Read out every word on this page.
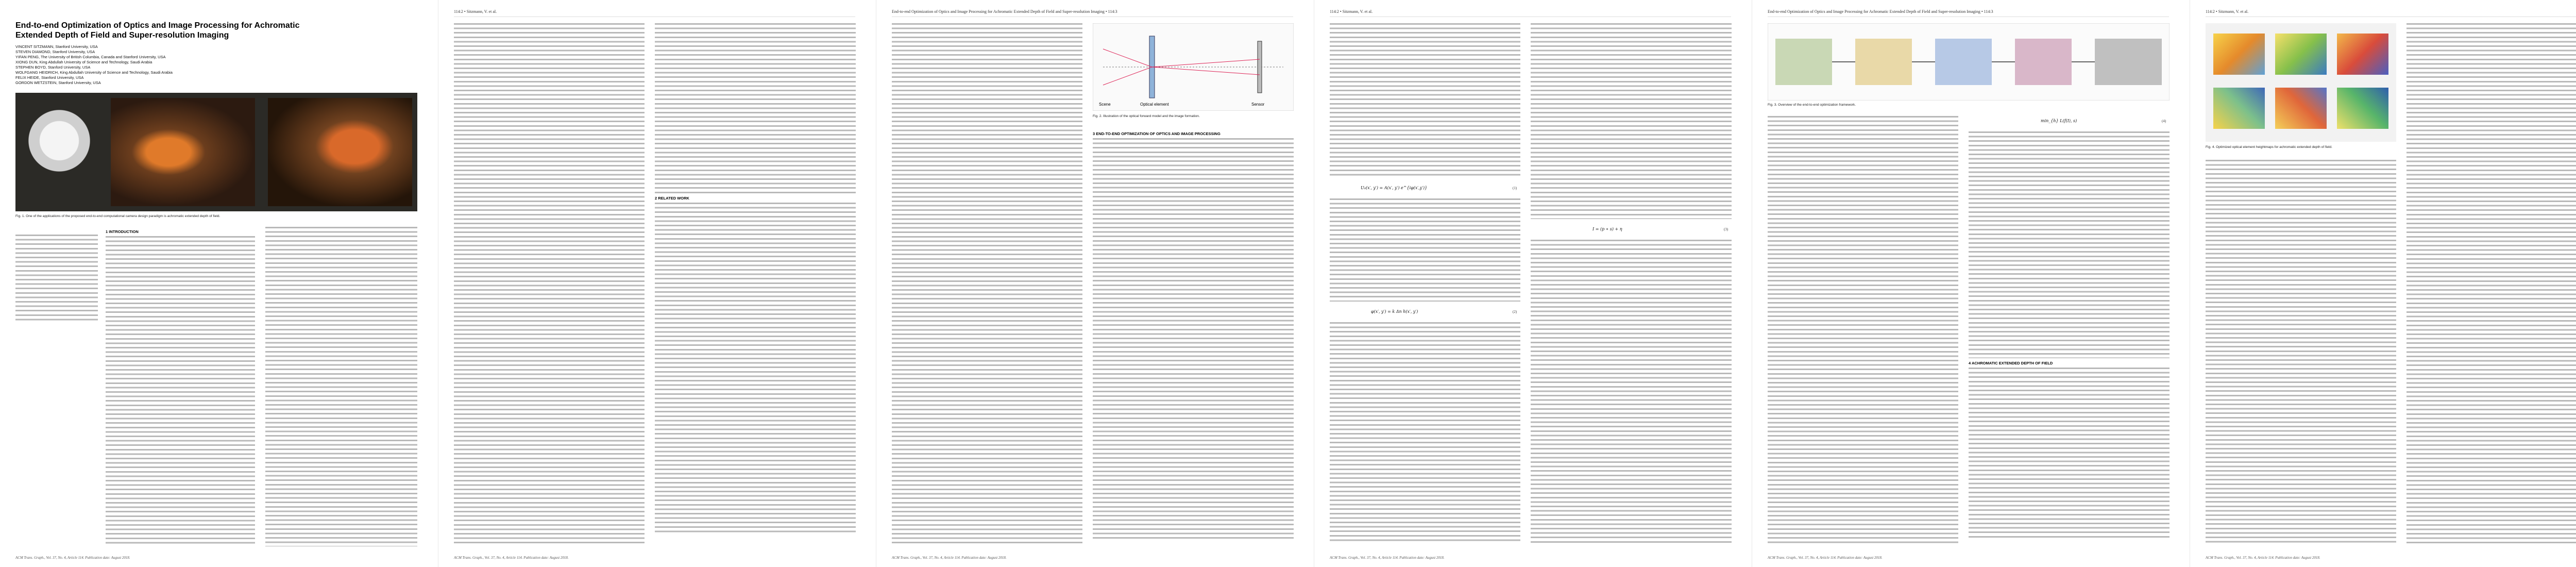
End-to-end Optimization of Optics and Image Processing for Achromatic Extended Depth of Field and Super-resolution Imaging
VINCENT SITZMANN, Stanford University, USA
STEVEN DIAMOND, Stanford University, USA
YIFAN PENG, The University of British Columbia, Canada and Stanford University, USA
XIONG DUN, King Abdullah University of Science and Technology, Saudi Arabia
STEPHEN BOYD, Stanford University, USA
WOLFGANG HEIDRICH, King Abdullah University of Science and Technology, Saudi Arabia
FELIX HEIDE, Stanford University, USA
GORDON WETZSTEIN, Stanford University, USA
Fig. 1. One of the applications of the proposed end-to-end computational camera design paradigm is achromatic extended depth of field.
1 INTRODUCTION
ACM Trans. Graph., Vol. 37, No. 4, Article 114. Publication date: August 2018.
114:2 • Sitzmann, V. et al.
2 RELATED WORK
ACM Trans. Graph., Vol. 37, No. 4, Article 114. Publication date: August 2018.
End-to-end Optimization of Optics and Image Processing for Achromatic Extended Depth of Field and Super-resolution Imaging • 114:3
Optical element	Sensor
Scene
Fig. 2. Illustration of the optical forward model and the image formation.
3 END-TO-END OPTIMIZATION OF OPTICS AND IMAGE PROCESSING
ACM Trans. Graph., Vol. 37, No. 4, Article 114. Publication date: August 2018.
114:2 • Sitzmann, V. et al.
U₀(x′, y′) = A(x′, y′) e^{iφ(x′,y′)}	(1)
φ(x′, y′) = k Δn h(x′, y′)	(2)
I = (p ∗ s) + η	(3)
ACM Trans. Graph., Vol. 37, No. 4, Article 114. Publication date: August 2018.
End-to-end Optimization of Optics and Image Processing for Achromatic Extended Depth of Field and Super-resolution Imaging • 114:3
Fig. 3. Overview of the end-to-end optimization framework.
min_{h} L(f(I), s)	(4)
4 ACHROMATIC EXTENDED DEPTH OF FIELD
ACM Trans. Graph., Vol. 37, No. 4, Article 114. Publication date: August 2018.
114:2 • Sitzmann, V. et al.
Fig. 4. Optimized optical element heightmaps for achromatic extended depth of field.
ACM Trans. Graph., Vol. 37, No. 4, Article 114. Publication date: August 2018.
